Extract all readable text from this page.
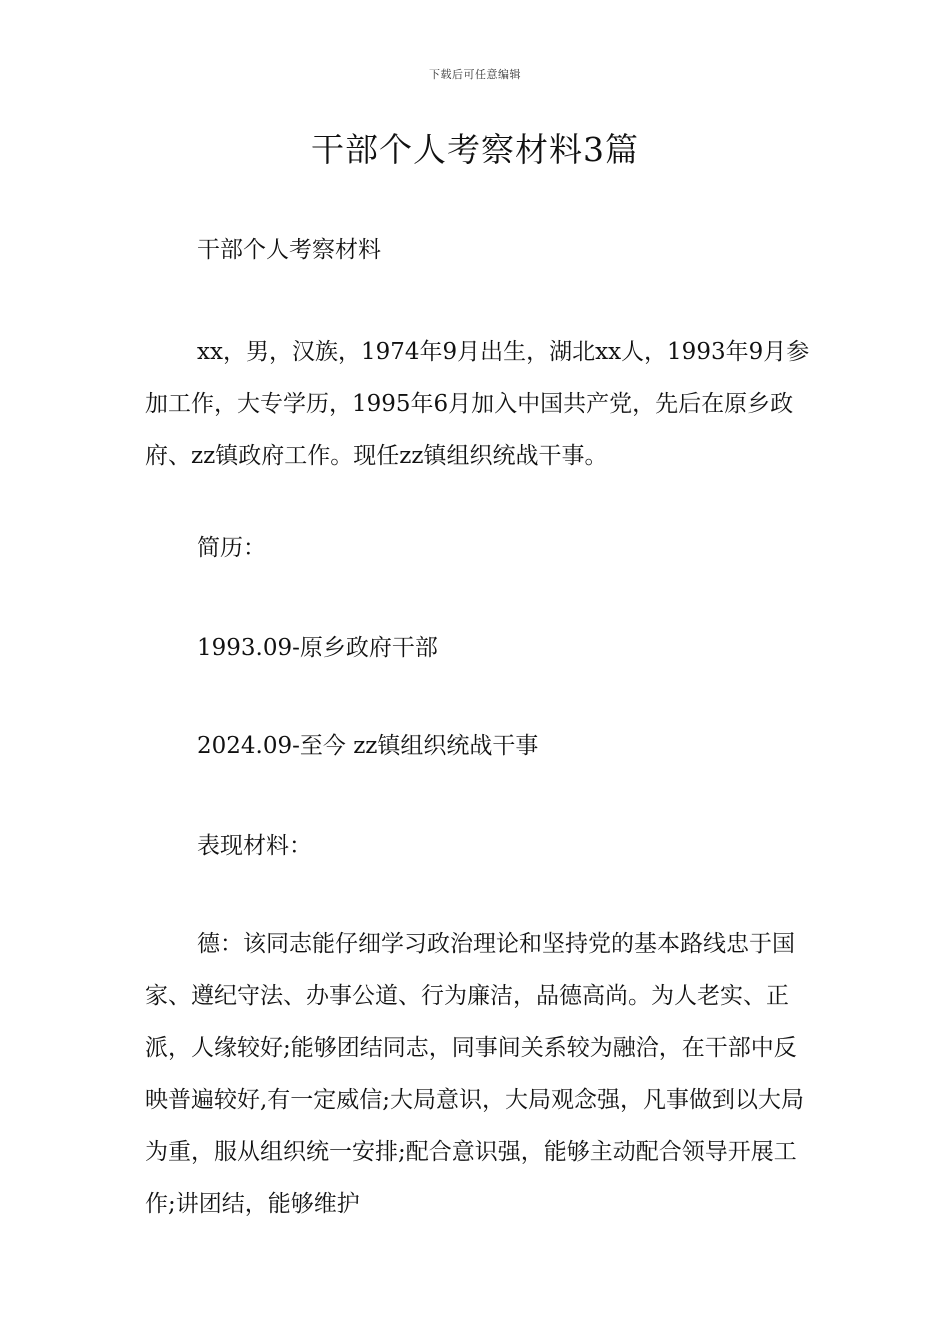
下载后可任意编辑
干部个人考察材料3篇

干部个人考察材料

xx，男，汉族，1974年9月出生，湖北xx人，1993年9月参加工作，大专学历，1995年6月加入中国共产党，先后在原乡政府、zz镇政府工作。现任zz镇组织统战干事。

简历：

1993.09-原乡政府干部

2024.09-至今 zz镇组织统战干事

表现材料：

德：该同志能仔细学习政治理论和坚持党的基本路线忠于国家、遵纪守法、办事公道、行为廉洁，品德高尚。为人老实、正派，人缘较好;能够团结同志，同事间关系较为融洽，在干部中反映普遍较好,有一定威信;大局意识，大局观念强，凡事做到以大局为重，服从组织统一安排;配合意识强，能够主动配合领导开展工作;讲团结，能够维护
